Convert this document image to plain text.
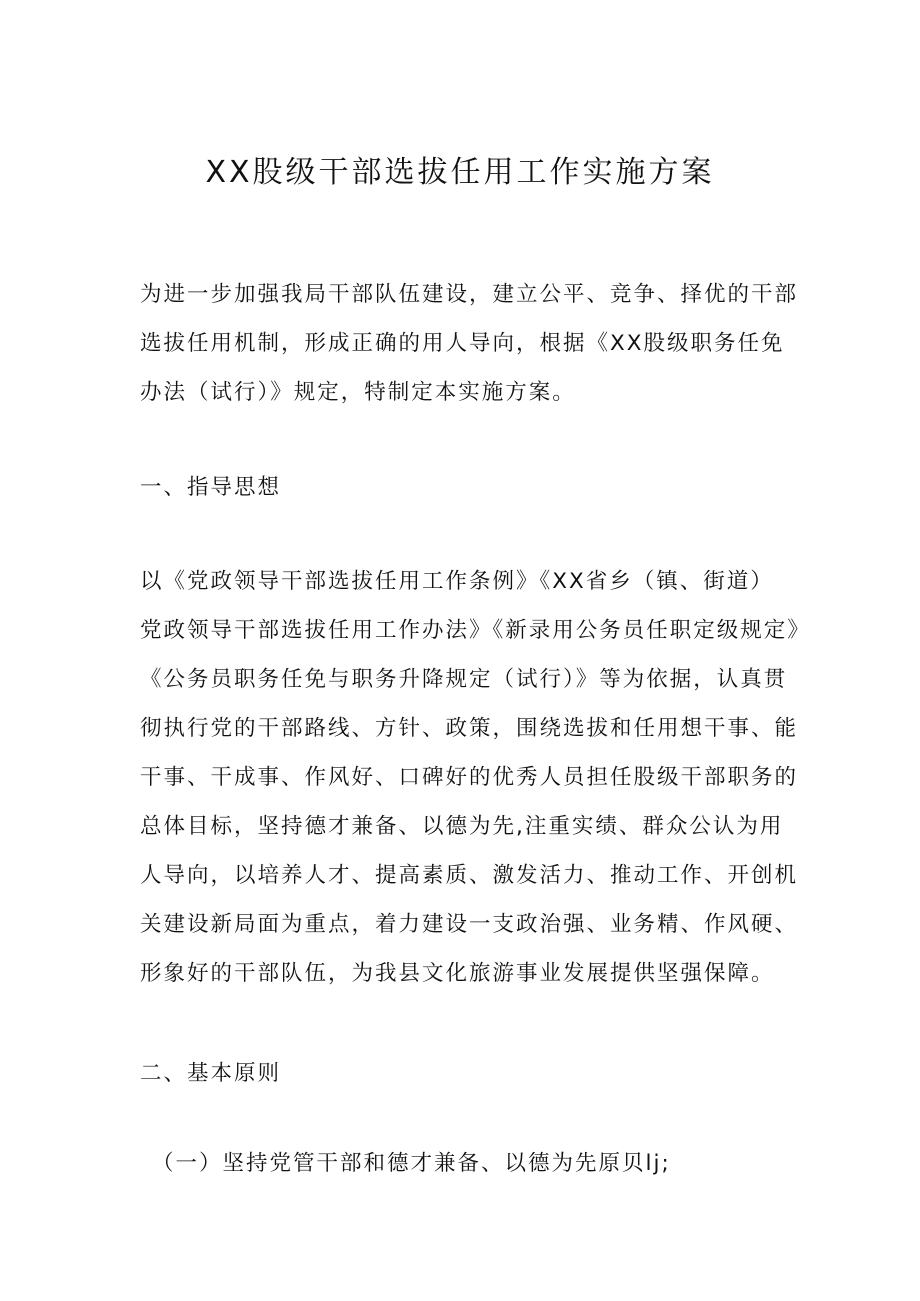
XX股级干部选拔任用工作实施方案
为进一步加强我局干部队伍建设，建立公平、竞争、择优的干部
选拔任用机制，形成正确的用人导向，根据《XX股级职务任免
办法（试行）》规定，特制定本实施方案。
一、指导思想
以《党政领导干部选拔任用工作条例》《XX省乡（镇、街道）
党政领导干部选拔任用工作办法》《新录用公务员任职定级规定》
《公务员职务任免与职务升降规定（试行）》等为依据，认真贯
彻执行党的干部路线、方针、政策，围绕选拔和任用想干事、能
干事、干成事、作风好、口碑好的优秀人员担任股级干部职务的
总体目标，坚持德才兼备、以德为先,注重实绩、群众公认为用
人导向，以培养人才、提高素质、激发活力、推动工作、开创机
关建设新局面为重点，着力建设一支政治强、业务精、作风硬、
形象好的干部队伍，为我县文化旅游事业发展提供坚强保障。
二、基本原则
（一）坚持党管干部和德才兼备、以德为先原贝lj;
